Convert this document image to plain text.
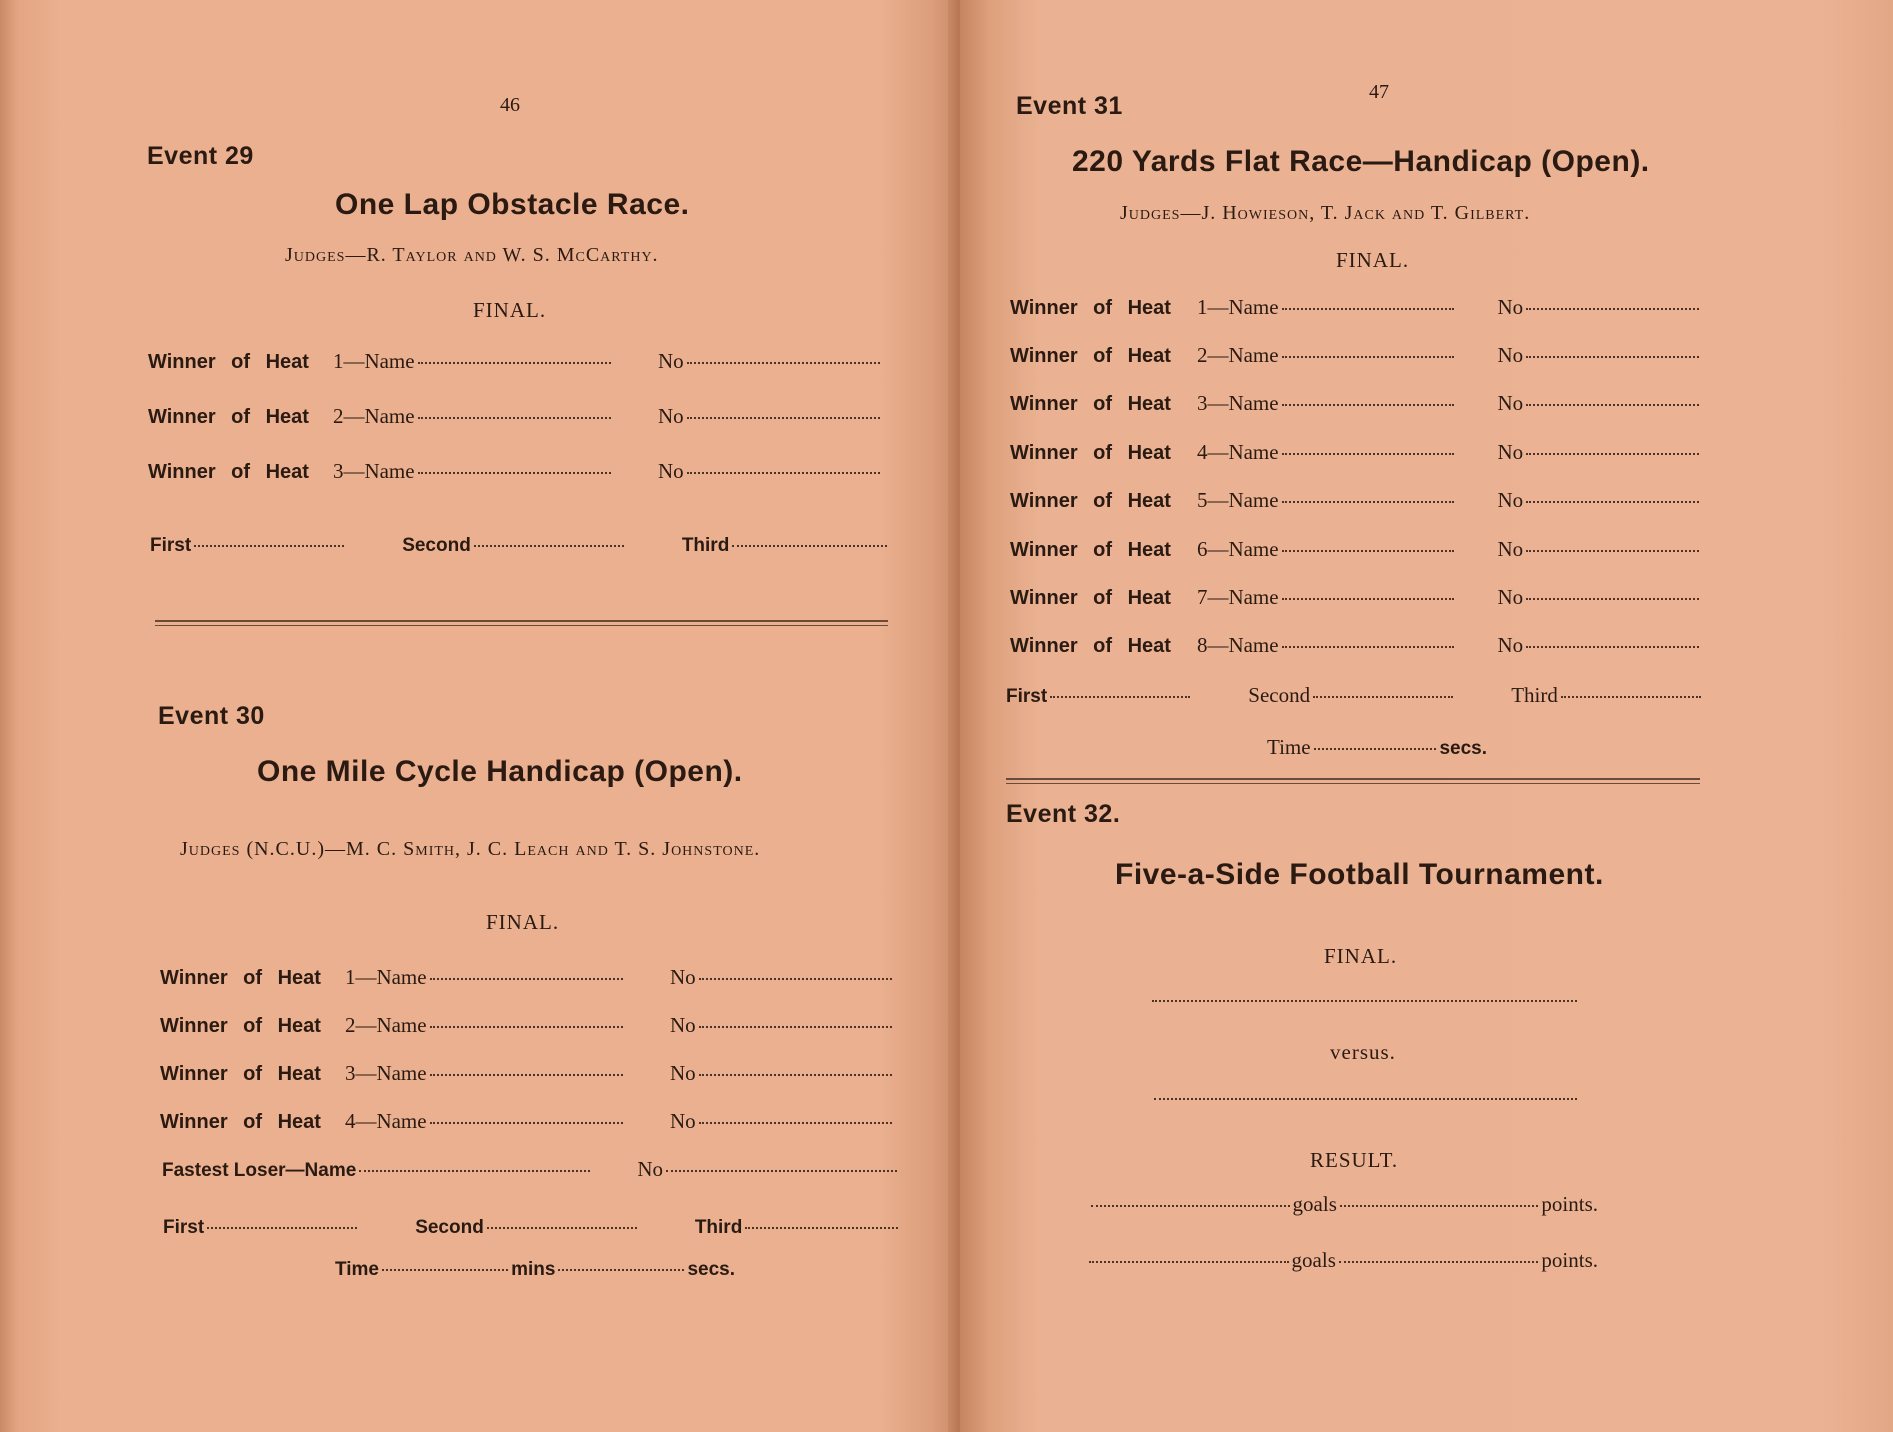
46
Event 29
One Lap Obstacle Race.
Judges—R. Taylor and W. S. McCarthy.
FINAL.
Winner of Heat 1—Name	No
Winner of Heat 2—Name	No
Winner of Heat 3—Name	No
First	Second	Third
Event 30
One Mile Cycle Handicap (Open).
Judges (N.C.U.)—M. C. Smith, J. C. Leach and T. S. Johnstone.
FINAL.
Winner of Heat 1—Name	No
Winner of Heat 2—Name	No
Winner of Heat 3—Name	No
Winner of Heat 4—Name	No
Fastest Loser—Name	No
First	Second	Third
Time	mins	secs.
47
Event 31
220 Yards Flat Race—Handicap (Open).
Judges—J. Howieson, T. Jack and T. Gilbert.
FINAL.
Winner of Heat 1—Name	No
Winner of Heat 2—Name	No
Winner of Heat 3—Name	No
Winner of Heat 4—Name	No
Winner of Heat 5—Name	No
Winner of Heat 6—Name	No
Winner of Heat 7—Name	No
Winner of Heat 8—Name	No
First	Second	Third
Time	secs.
Event 32.
Five-a-Side Football Tournament.
FINAL.
versus.
RESULT.
goals	points.
goals	points.
